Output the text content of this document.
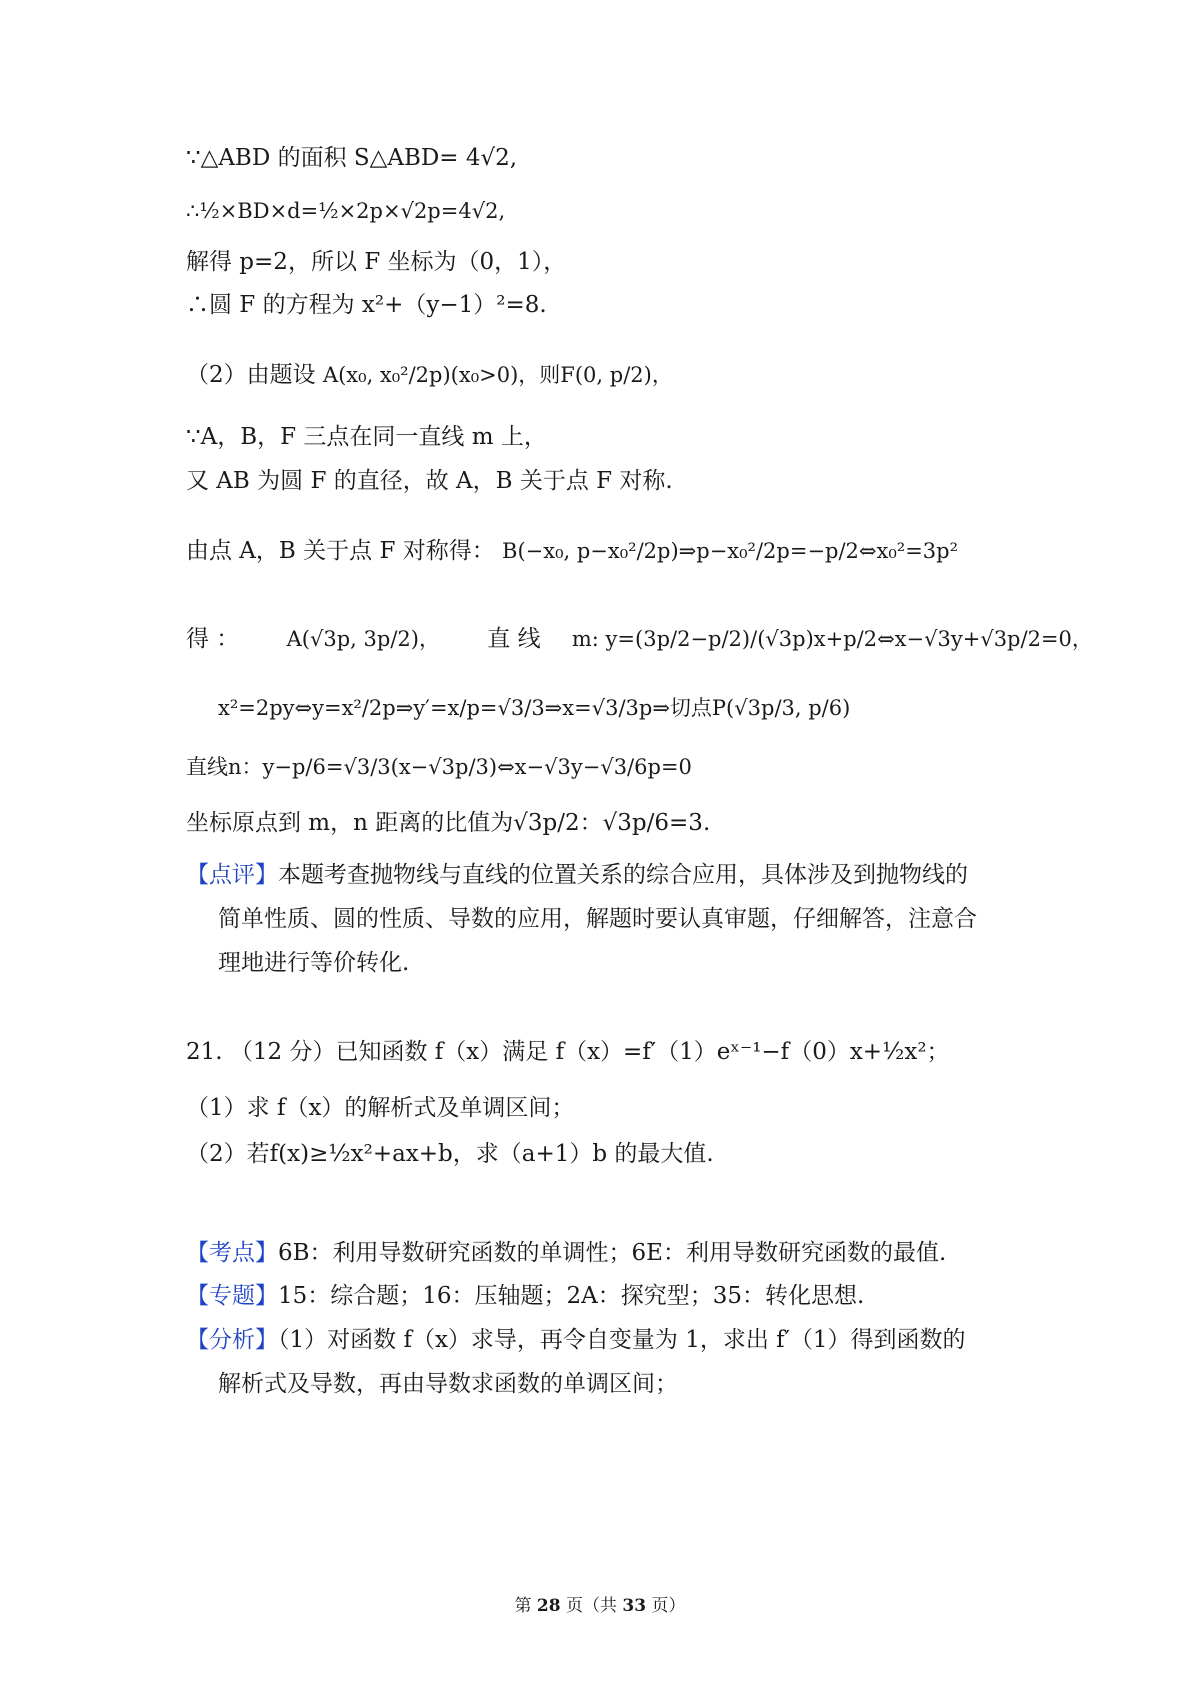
∵△ABD 的面积 S△ABD= 4√2,
∴½×BD×d=½×2p×√2p=4√2,
解得 p=2，所以 F 坐标为（0，1），
∴圆 F 的方程为 x²+（y−1）²=8.
（2）由题设 A(x₀, x₀²/2p)(x₀>0)，则F(0, p/2)，
∵A，B，F 三点在同一直线 m 上，
又 AB 为圆 F 的直径，故 A，B 关于点 F 对称.
由点 A，B 关于点 F 对称得： B(−x₀, p−x₀²/2p)⇒p−x₀²/2p=−p/2⇔x₀²=3p²
得 ： A(√3p, 3p/2)， 直 线 m: y=(3p/2−p/2)/(√3p)x+p/2⇔x−√3y+√3p/2=0，
x²=2py⇔y=x²/2p⇒y′=x/p=√3/3⇒x=√3/3p⇒切点P(√3p/3, p/6)
直线n：y−p/6=√3/3(x−√3p/3)⇔x−√3y−√3/6p=0
坐标原点到 m，n 距离的比值为√3p/2：√3p/6=3.
【点评】本题考查抛物线与直线的位置关系的综合应用，具体涉及到抛物线的
简单性质、圆的性质、导数的应用，解题时要认真审题，仔细解答，注意合
理地进行等价转化.
21. （12 分）已知函数 f（x）满足 f（x）=f′（1）eˣ⁻¹−f（0）x+½x²；
（1）求 f（x）的解析式及单调区间；
（2）若f(x)≥½x²+ax+b，求（a+1）b 的最大值.
【考点】6B：利用导数研究函数的单调性；6E：利用导数研究函数的最值.
【专题】15：综合题；16：压轴题；2A：探究型；35：转化思想.
【分析】（1）对函数 f（x）求导，再令自变量为 1，求出 f′（1）得到函数的
解析式及导数，再由导数求函数的单调区间；
第 28 页（共 33 页）
